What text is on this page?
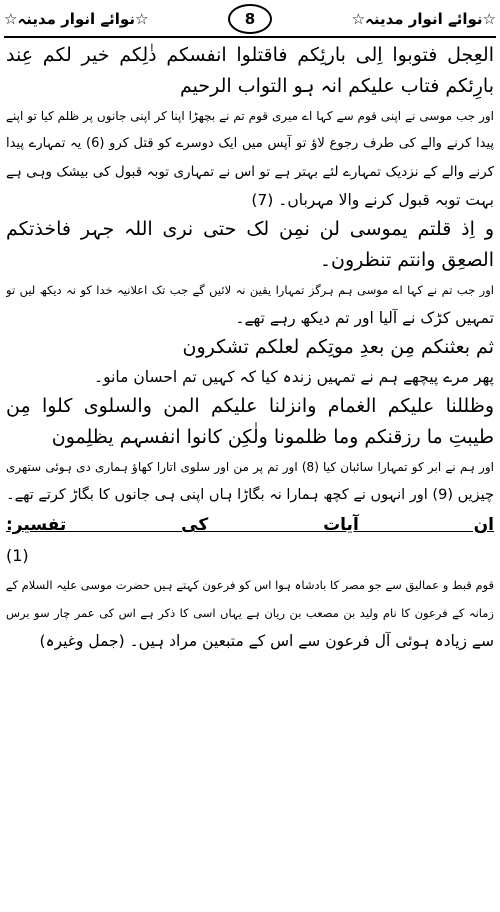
☆نوائے انوار مدینہ☆	8	☆نوائے انوار مدینہ☆
العِجل فتوبوا اِلی بارئِکم فاقتلوا انفسکم ذٰلِکم خیر لکم عِند
بارِئکم فتاب علیکم انہ ہو التواب الرحیم
اور جب موسی نے اپنی قوم سے کہا اے میری قوم تم نے بچھڑا اپنا کر اپنی جانوں پر ظلم کیا تو اپنے
پیدا کرنے والے کی طرف رجوع لاؤ تو آپس میں ایک دوسرے کو قتل کرو (6) یہ تمہارے پیدا
کرنے والے کے نزدیک تمہارے لئے بہتر ہے تو اس نے تمہاری توبہ قبول کی بیشک وہی ہے
بہت توبہ قبول کرنے والا مہرباں۔ (7)
و اِذ قلتم یموسی لن نمِن لک حتی نری اللہ جہر فاخذتکم
الصعِق وانتم تنظرون۔
اور جب تم نے کہا اے موسی ہم ہرگز تمہارا یقین نہ لائیں گے جب تک اعلانیہ خدا کو نہ دیکھ لیں تو
تمہیں کڑک نے آلیا اور تم دیکھ رہے تھے۔
ثم بعثنکم مِن بعدِ موتِکم لعلکم تشکرون
پھر مرے پیچھے ہم نے تمہیں زندہ کیا کہ کہیں تم احسان مانو۔
وظللنا علیکم الغمام وانزلنا علیکم المن والسلوی کلوا مِن
طیبتِ ما رزقنکم وما ظلمونا ولٰکِن کانوا انفسہم یظلِمون
اور ہم نے ابر کو تمہارا سائبان کیا (8) اور تم پر من اور سلوی اتارا کھاؤ ہماری دی ہوئی ستھری
چیزیں (9) اور انہوں نے کچھ ہمارا نہ بگاڑا ہاں اپنی ہی جانوں کا بگاڑ کرتے تھے۔
ان آیات کی تفسیر:
(1)
قوم قبط و عمالیق سے جو مصر کا بادشاہ ہوا اس کو فرعون کہتے ہیں حضرت موسی علیہ السلام کے
زمانہ کے فرعون کا نام ولید بن مصعب بن ریان ہے یہاں اسی کا ذکر ہے اس کی عمر چار سو برس
سے زیادہ ہوئی آل فرعون سے اس کے متبعین مراد ہیں۔ (جمل وغیرہ)
